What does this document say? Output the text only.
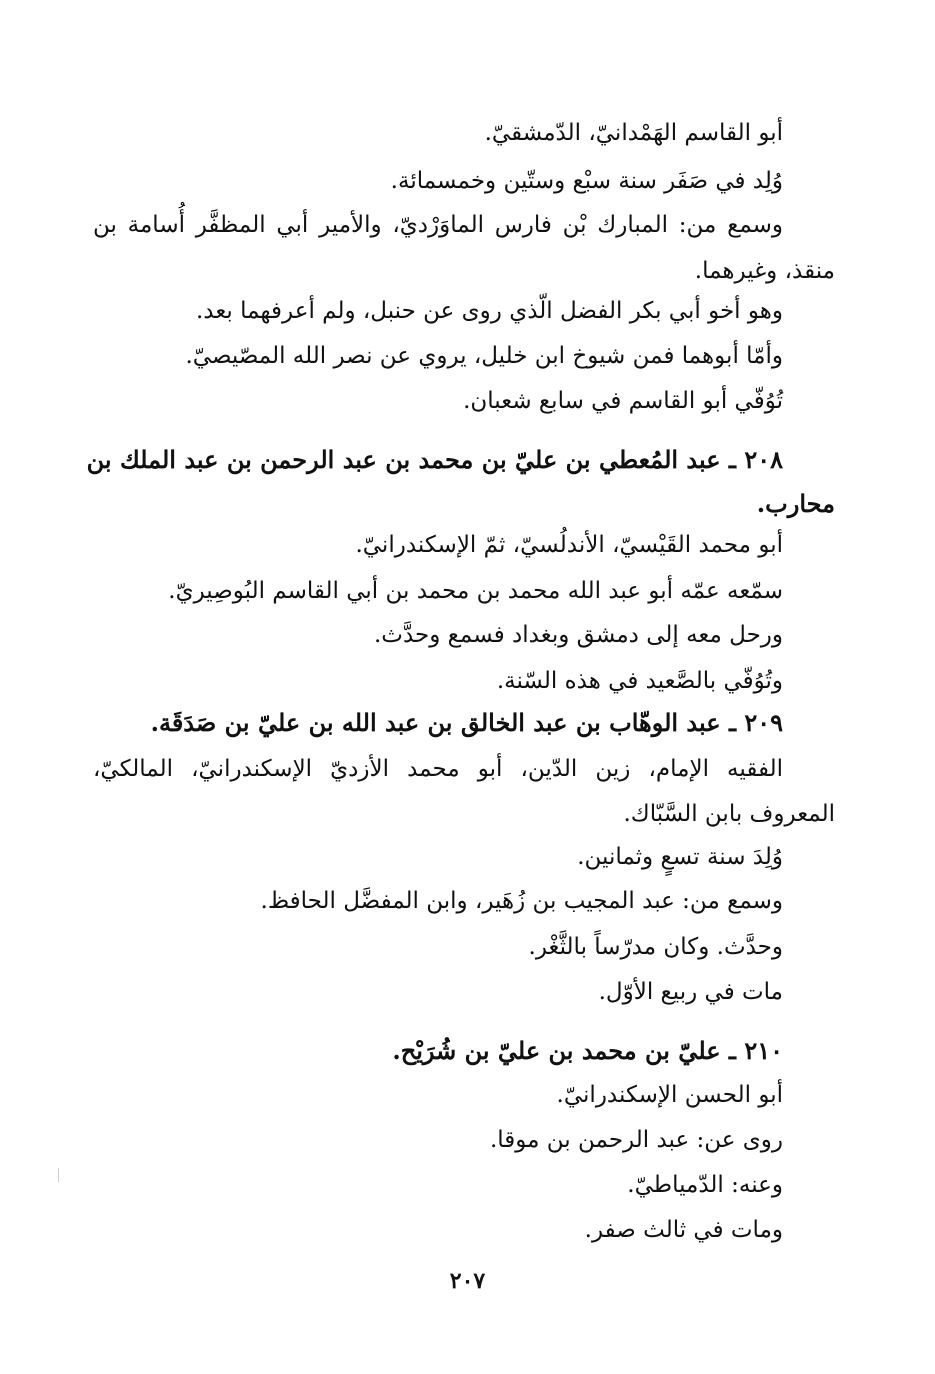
أبو القاسم الهَمْدانيّ، الدّمشقيّ.
وُلِد في صَفَر سنة سبْع وستّين وخمسمائة.
وسمع من: المبارك بْن فارس الماوَرْديّ، والأمير أبي المظفَّر أُسامة بن
منقذ، وغيرهما.
وهو أخو أبي بكر الفضل الّذي روى عن حنبل، ولم أعرفهما بعد.
وأمّا أبوهما فمن شيوخ ابن خليل، يروي عن نصر الله المصّيصيّ.
تُوُفّي أبو القاسم في سابع شعبان.
٢٠٨ ـ عبد المُعطي بن عليّ بن محمد بن عبد الرحمن بن عبد الملك بن
محارب.
أبو محمد القَيْسيّ، الأندلُسيّ، ثمّ الإسكندرانيّ.
سمّعه عمّه أبو عبد الله محمد بن محمد بن أبي القاسم البُوصِيريّ.
ورحل معه إلى دمشق وبغداد فسمع وحدَّث.
وتُوُفّي بالصَّعيد في هذه السّنة.
٢٠٩ ـ عبد الوهّاب بن عبد الخالق بن عبد الله بن عليّ بن صَدَقَة.
الفقيه الإمام، زين الدّين، أبو محمد الأزديّ الإسكندرانيّ، المالكيّ،
المعروف بابن السَّبّاك.
وُلِدَ سنة تسعٍ وثمانين.
وسمع من: عبد المجيب بن زُهَير، وابن المفضَّل الحافظ.
وحدَّث. وكان مدرّساً بالثَّغْر.
مات في ربيع الأوّل.
٢١٠ ـ عليّ بن محمد بن عليّ بن شُرَيْح.
أبو الحسن الإسكندرانيّ.
روى عن: عبد الرحمن بن موقا.
وعنه: الدّمياطيّ.
ومات في ثالث صفر.
٢٠٧
